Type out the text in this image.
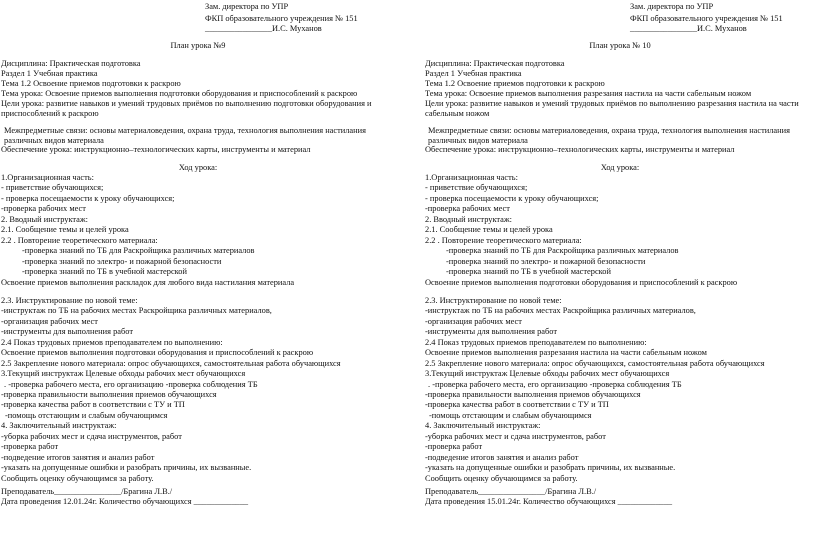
Зам. директора по УПР
ФКП образовательного учреждения № 151
________________И.С. Муханов
План урока №9
Дисциплина: Практическая подготовка
Раздел 1 Учебная практика
Тема 1.2 Освоение приемов подготовки к раскрою
Тема урока: Освоение приемов выполнения подготовки оборудования и приспособлений к раскрою
Цели урока: развитие навыков и умений трудовых приёмов по выполнению подготовки оборудования и приспособлений к раскрою
Межпредметные связи: основы материаловедения, охрана труда, технология выполнения настилания различных видов материала
Обеспечение урока: инструкционно–технологических карты, инструменты и материал
Ход урока:
1.Организационная часть:
- приветствие обучающихся;
- проверка посещаемости к уроку обучающихся;
-проверка рабочих мест
2. Вводный инструктаж:
2.1. Сообщение темы и целей урока
2.2 . Повторение теоретического материала:
-проверка знаний по ТБ для Раскройщика различных материалов
-проверка знаний по электро- и пожарной безопасности
-проверка знаний по ТБ в учебной мастерской
Освоение приемов выполнения раскладок для любого вида настилания материала
2.3. Инструктирование по новой теме:
-инструктаж по ТБ на рабочих местах Раскройщика различных материалов,
-организация рабочих мест
-инструменты для выполнения работ
2.4 Показ трудовых приемов преподавателем по выполнению:
Освоение приемов выполнения подготовки оборудования и приспособлений к раскрою
2.5 Закрепление нового материала: опрос обучающихся, самостоятельная работа обучающихся
3.Текущий инструктаж Целевые обходы рабочих мест обучающихся
. -проверка рабочего места, его организацию -проверка соблюдения ТБ
-проверка правильности выполнения приемов обучающихся
-проверка качества работ в соответствии с ТУ и ТП
-помощь отстающим и слабым обучающимся
4. Заключительный инструктаж:
-уборка рабочих мест и сдача инструментов, работ
-проверка работ
-подведение итогов занятия и анализ работ
-указать на допущенные ошибки и разобрать причины, их вызванные.
Сообщить оценку обучающимся за работу.
Преподаватель________________/Брагина Л.В./
Дата проведения 12.01.24г. Количество обучающихся _____________
Зам. директора по УПР
ФКП образовательного учреждения № 151
________________И.С. Муханов
План урока № 10
Дисциплина: Практическая подготовка
Раздел 1 Учебная практика
Тема 1.2 Освоение приемов подготовки к раскрою
Тема урока: Освоение приемов выполнения разрезания настила на части сабельным ножом
Цели урока: развитие навыков и умений трудовых приёмов по выполнению разрезания настила на части сабельным ножом
Межпредметные связи: основы материаловедения, охрана труда, технология выполнения настилания различных видов материала
Обеспечение урока: инструкционно–технологических карты, инструменты и материал
Ход урока:
1.Организационная часть:
- приветствие обучающихся;
- проверка посещаемости к уроку обучающихся;
-проверка рабочих мест
2. Вводный инструктаж:
2.1. Сообщение темы и целей урока
2.2 . Повторение теоретического материала:
-проверка знаний по ТБ для Раскройщика различных материалов
-проверка знаний по электро- и пожарной безопасности
-проверка знаний по ТБ в учебной мастерской
Освоение приемов выполнения подготовки оборудования и приспособлений к раскрою
2.3. Инструктирование по новой теме:
-инструктаж по ТБ на рабочих местах Раскройщика различных материалов,
-организация рабочих мест
-инструменты для выполнения работ
2.4 Показ трудовых приемов преподавателем по выполнению:
Освоение приемов выполнения разрезания настила на части сабельным ножом
2.5 Закрепление нового материала: опрос обучающихся, самостоятельная работа обучающихся
3.Текущий инструктаж Целевые обходы рабочих мест обучающихся
. -проверка рабочего места, его организацию -проверка соблюдения ТБ
-проверка правильности выполнения приемов обучающихся
-проверка качества работ в соответствии с ТУ и ТП
-помощь отстающим и слабым обучающимся
4. Заключительный инструктаж:
-уборка рабочих мест и сдача инструментов, работ
-проверка работ
-подведение итогов занятия и анализ работ
-указать на допущенные ошибки и разобрать причины, их вызванные.
Сообщить оценку обучающимся за работу.
Преподаватель________________/Брагина Л.В./
Дата проведения 15.01.24г. Количество обучающихся _____________
